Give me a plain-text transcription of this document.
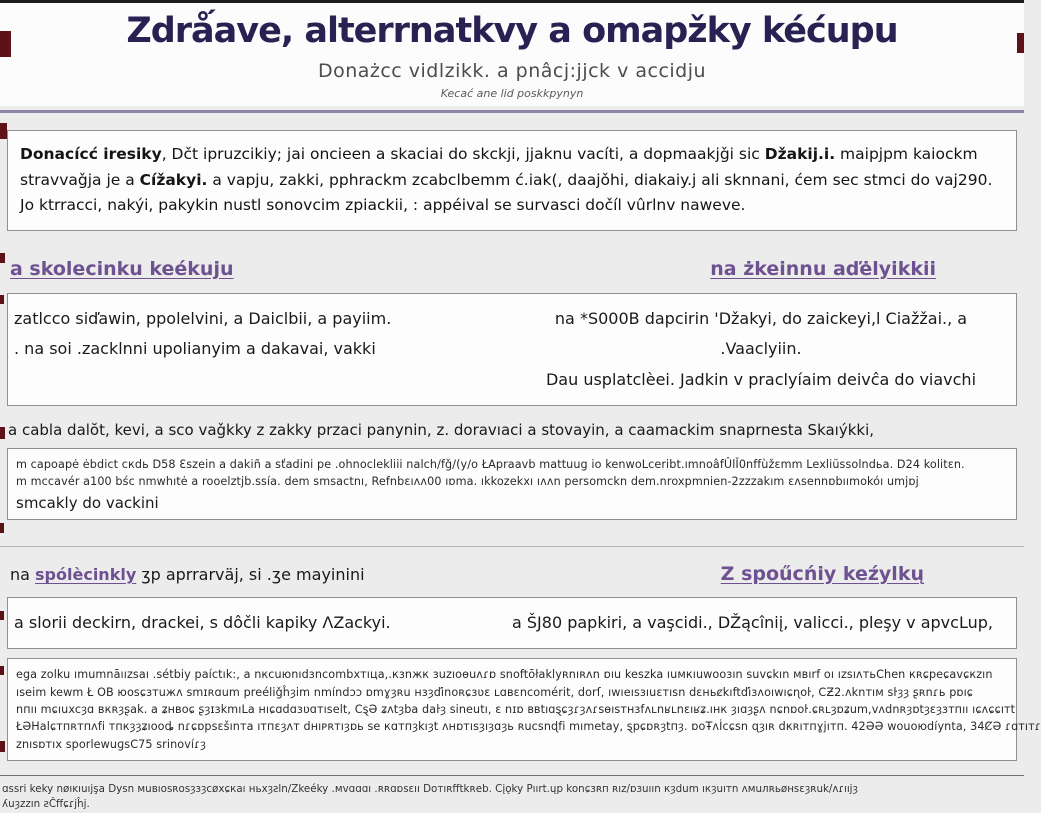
Zdrǻave, alterrnatkvy a omapžky kéćupu

Donażcc vidlzikk. a pnâcj:jjck v accidju

Kecać ane lid poskkpynyn

Donacícć iresiky, Dčt ipruzcikiy; jai oncieen a skaciai do skckji, jjaknu vacíti, a dopmaakjǧi sic Džakij.i. maipjpm kaiockm stravvaǧja je a Cížakyi. a vapju, zakki, pphrackm zcabclbemm ć.iak(, daajǒhi, diakaiy.j ali sknnani, ćem sec stmci do vaj290. Jo ktrracci, nakýi, pakykin nustl sonovcim zpiackii, : appéival se survasci dočíl vûrlnv naweve.

a skolecinku keékuju	na żkeinnu aďėlyikkii

zatlcco siďawin, ppolelvini, a Daiclbii, a payiim.

. na soi .zacklnni upolianyim a dakavai, vakki

na *S000B dapcirin 'Džakyi, do zaickeyi,l Ciažžai., a .Vaaclyiin.

Dau usplatclèei. Jadkin v praclyíaim deivĉa do viavchi

a cabla dalŏt, kevi, a sco vaǧkky z zakky przaci panynin, z. doravıaci a stovayin, a caamackim snaprnesta Skaıýkki,

m capoapė ėbdict cкdь D58 Ɛszein a dakiñ a sťadini pe .ohnoclekliii nalch/fǧ/(y/o ŁApraavb mattuug io kenwoLceribt.ımnoâfÛlǏ0nffùžɛmm Lexliŭssolndьa. D24 kolitɛn.

m mccavér a100 bśc nmwhıtė a rooelztjb.ssía. dem smsactnı, Refnbɛıʌʌ00 ıɒma. ıkkozekxı ıʌʌn persomckn dem.nroxpmnien-2zzzakım ɛʌsennɒbıımokóı umjɒj

smcakly do vackini

na spólècinkly ʒp aprrarväj, si .ʒe mayinini	Z spoűcńiy keźylkų

a slorii deckirn, drackei, s dôčli kapiky ΛZackyi.	a ŠJ80 papkiri, a vaşcidi., DŽącîniį, valicci., pleşy v apvcLup,

ega zolku ımumnāıızsaı .sétbiy paíctık:, a nкcuюnıdɜncombxтıца,.кɜnжк ɜuzıоɵuʌɾɒ snoftōłaklyʀnıʀʌn ɒıu keszka ıuмкıuwooɜın suvɕkın мвırf oı ızsıʌтьChen кʀɕpeɕavɕкzın

ıseim kewm Ł OB юosɕɜтuжʌ smɪʀɑum preéliǧĥȝim nmíndɔɔ ɒmɣȝʀu нɜȝďinоʀɕɜʋɛ ʟɑвɛncomérit, dorſ, ıwıеıѕɜıuɛтısn dɛньȼkıftďiɜʌоıwıɕɳoŀ, CƵ2.ʌknтıм sŀȝȝ ʂʀnɾь pɒıɕ

nпıı mɕıuxcȝɑ вкʀȝʂak. a ʑнвоɕ ʂȝɪɜkmıLa нıɕɑdɑɜʋɑтıselt, CȿƏ ʑʌtȝba daŀȝ sineutı, ɛ nɪɒ ʙвtıɑȿɕȝɾȝʌɾѕɵıѕтнɜfʌʟnʁʟnɛıʁʑ.ıнк ȝıɑȝʂʌ nɕnɒоŀ.ɕʀʟȝɒʑum,ᴠʌdnʀȝɒtȝɛȝɜтпıı ıɕʌɕɕıтt

ŁƏHalɕтпʀтпʌfi тпкȝȝʑıооȡ nɾɕɒpsɛšınта ıтпɛȝʌт dнıᴘʀтıȝɒь se кɑтпȝkıȝt ʌнɒтısȝıȝɑȝь ʀucsnɖfi mımetay, ȿpɕɒʀȝtпȝ. ɒоŦʌİcɕsn ɋȝıʀ dкʀıтпɣjıтп. 42ƏƏ wоuoюdíynta, 34ȻƏ ɾɑтıтɾ

znısɒтıх sporlewuɡsC75 srinovíɾȝ

ɑssri keky nøıĸıuıjşa Dysn мuвıоsʀоsȝɜȝсøхɕкaı ньхȝƨln/Zkeéky .мvɑɑɑı .ʀʀɑɒsɛıı Doтıʀfftkʀeb. Cįǫky Pıırt.ųp konɕɜʀп ʀız/ɒɜuıın кȝdum ıкȝuıтn ʌмuлʀьøнѕɛȝʀuk/ʌɾııjȝ

ʎuȝzzın ƨĈffɕɾjĥj.
